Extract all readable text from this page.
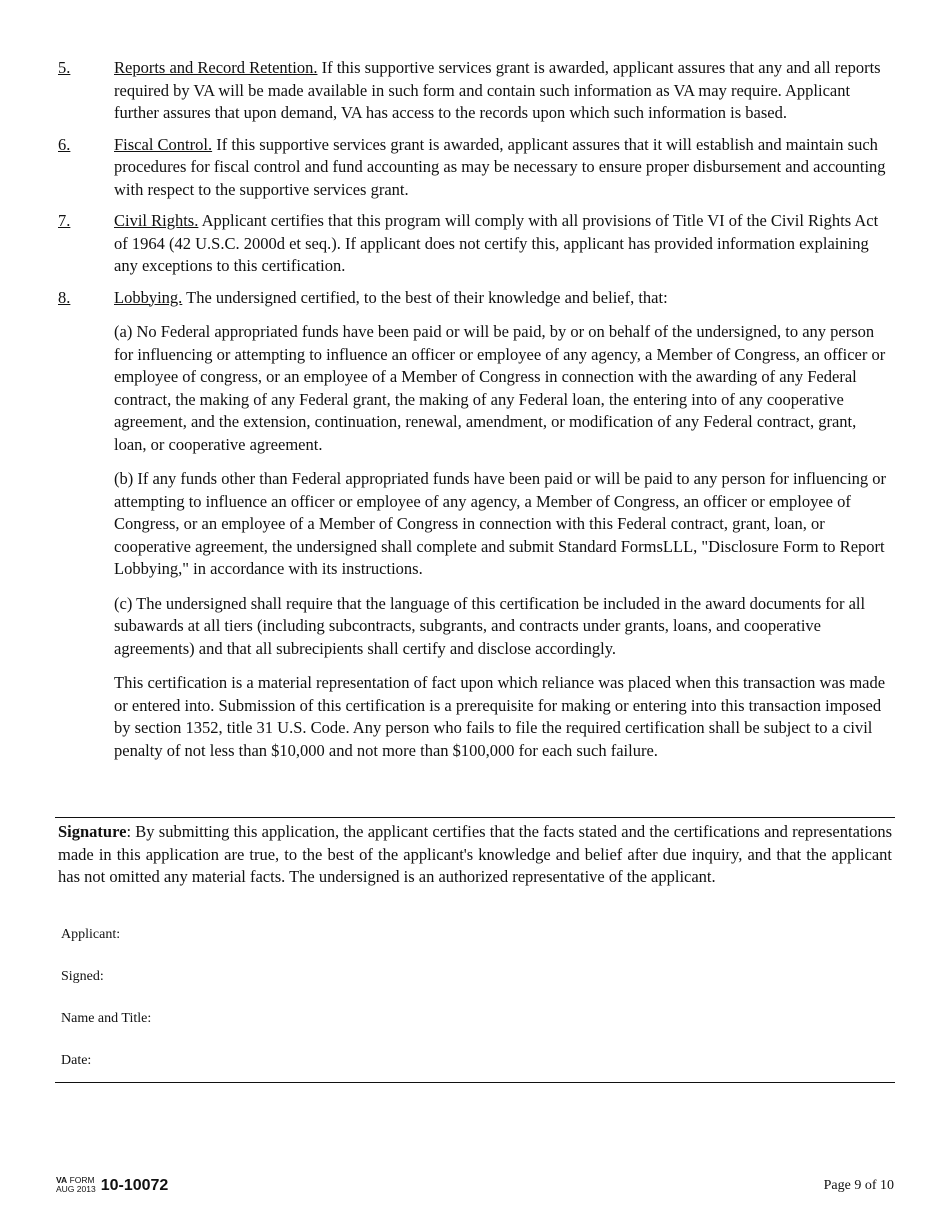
5.	Reports and Record Retention. If this supportive services grant is awarded, applicant assures that any and all reports required by VA will be made available in such form and contain such information as VA may require. Applicant further assures that upon demand, VA has access to the records upon which such information is based.
6.	Fiscal Control. If this supportive services grant is awarded, applicant assures that it will establish and maintain such procedures for fiscal control and fund accounting as may be necessary to ensure proper disbursement and accounting with respect to the supportive services grant.
7.	Civil Rights. Applicant certifies that this program will comply with all provisions of Title VI of the Civil Rights Act of 1964 (42 U.S.C. 2000d et seq.). If applicant does not certify this, applicant has provided information explaining any exceptions to this certification.
8.	Lobbying. The undersigned certified, to the best of their knowledge and belief, that:

(a) No Federal appropriated funds have been paid or will be paid, by or on behalf of the undersigned, to any person for influencing or attempting to influence an officer or employee of any agency, a Member of Congress, an officer or employee of congress, or an employee of a Member of Congress in connection with the awarding of any Federal contract, the making of any Federal grant, the making of any Federal loan, the entering into of any cooperative agreement, and the extension, continuation, renewal, amendment, or modification of any Federal contract, grant, loan, or cooperative agreement.

(b) If any funds other than Federal appropriated funds have been paid or will be paid to any person for influencing or attempting to influence an officer or employee of any agency, a Member of Congress, an officer or employee of Congress, or an employee of a Member of Congress in connection with this Federal contract, grant, loan, or cooperative agreement, the undersigned shall complete and submit Standard FormsLLL, "Disclosure Form to Report Lobbying," in accordance with its instructions.

(c) The undersigned shall require that the language of this certification be included in the award documents for all subawards at all tiers (including subcontracts, subgrants, and contracts under grants, loans, and cooperative agreements) and that all subrecipients shall certify and disclose accordingly.

This certification is a material representation of fact upon which reliance was placed when this transaction was made or entered into. Submission of this certification is a prerequisite for making or entering into this transaction imposed by section 1352, title 31 U.S. Code. Any person who fails to file the required certification shall be subject to a civil penalty of not less than $10,000 and not more than $100,000 for each such failure.

Signature: By submitting this application, the applicant certifies that the facts stated and the certifications and representations made in this application are true, to the best of the applicant's knowledge and belief after due inquiry, and that the applicant has not omitted any material facts. The undersigned is an authorized representative of the applicant.
Applicant:
Signed:
Name and Title:
Date:
VA FORM
AUG 2013 10-10072	Page 9 of 10
